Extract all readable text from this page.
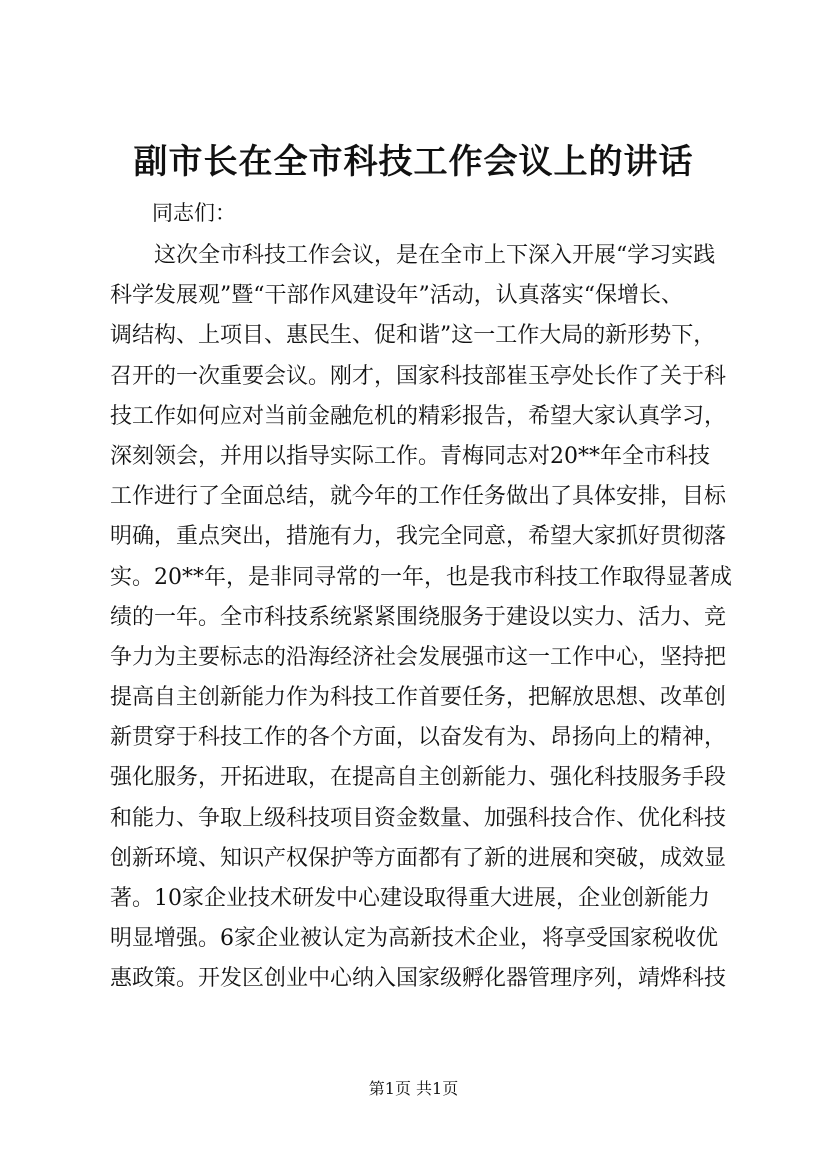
副市长在全市科技工作会议上的讲话
同志们：
这次全市科技工作会议，是在全市上下深入开展“学习实践
科学发展观”暨“干部作风建设年”活动，认真落实“保增长、
调结构、上项目、惠民生、促和谐”这一工作大局的新形势下，
召开的一次重要会议。刚才，国家科技部崔玉亭处长作了关于科
技工作如何应对当前金融危机的精彩报告，希望大家认真学习，
深刻领会，并用以指导实际工作。青梅同志对20**年全市科技
工作进行了全面总结，就今年的工作任务做出了具体安排，目标
明确，重点突出，措施有力，我完全同意，希望大家抓好贯彻落
实。20**年，是非同寻常的一年，也是我市科技工作取得显著成
绩的一年。全市科技系统紧紧围绕服务于建设以实力、活力、竞
争力为主要标志的沿海经济社会发展强市这一工作中心，坚持把
提高自主创新能力作为科技工作首要任务，把解放思想、改革创
新贯穿于科技工作的各个方面，以奋发有为、昂扬向上的精神，
强化服务，开拓进取，在提高自主创新能力、强化科技服务手段
和能力、争取上级科技项目资金数量、加强科技合作、优化科技
创新环境、知识产权保护等方面都有了新的进展和突破，成效显
著。10家企业技术研发中心建设取得重大进展，企业创新能力
明显增强。6家企业被认定为高新技术企业，将享受国家税收优
惠政策。开发区创业中心纳入国家级孵化器管理序列，靖烨科技
第1页 共1页
